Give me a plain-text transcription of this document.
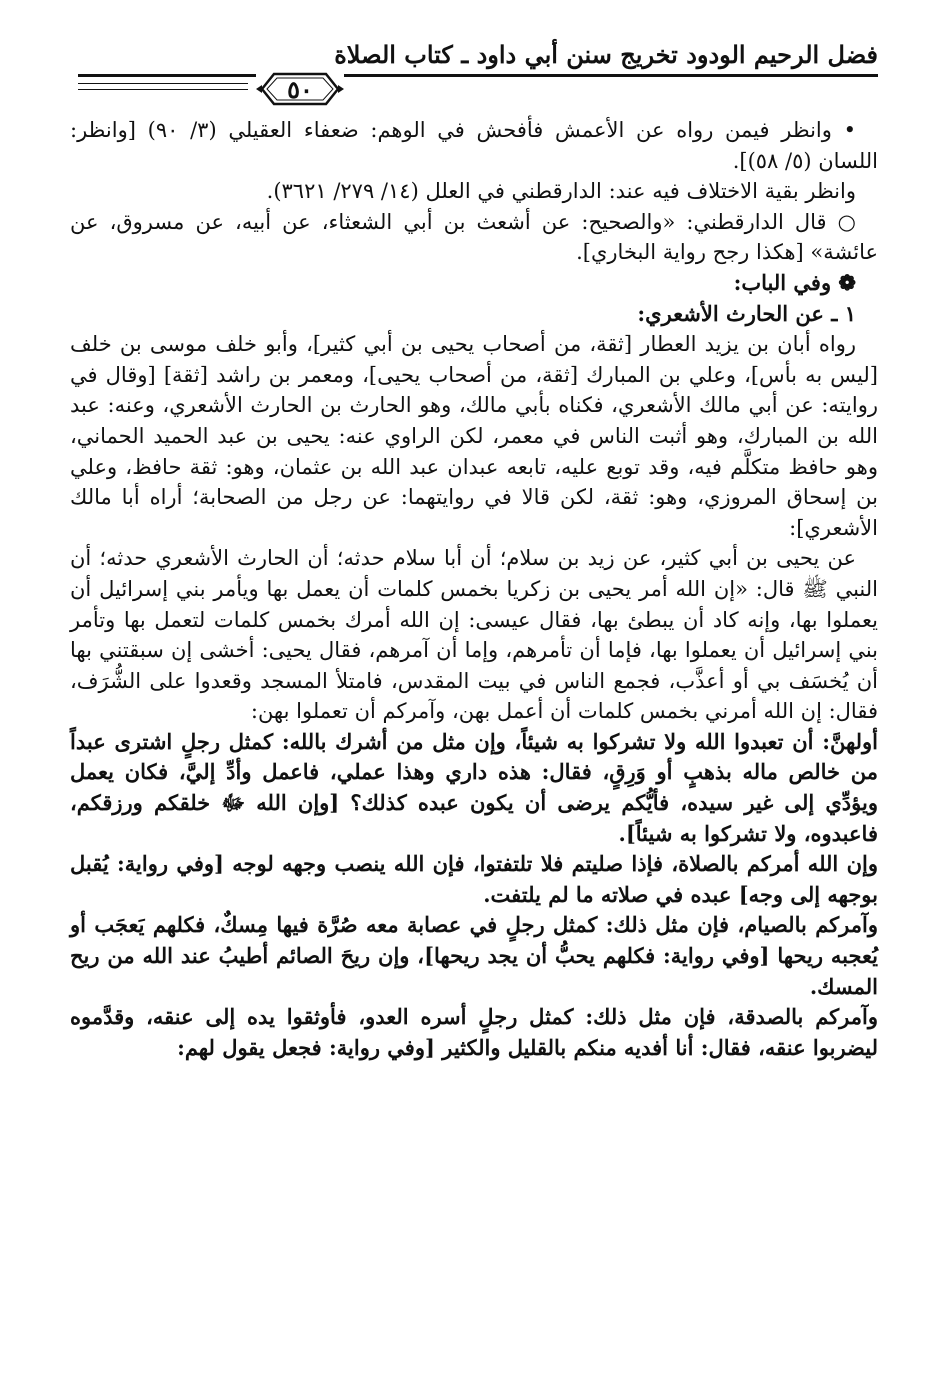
فضل الرحيم الودود تخريج سنن أبي داود ـ كتاب الصلاة
٥٠

• وانظر فيمن رواه عن الأعمش فأفحش في الوهم: ضعفاء العقيلي (٣/ ٩٠) [وانظر: اللسان (٥/ ٥٨)].

وانظر بقية الاختلاف فيه عند: الدارقطني في العلل (١٤/ ٢٧٩/ ٣٦٢١).

○ قال الدارقطني: «والصحيح: عن أشعث بن أبي الشعثاء، عن أبيه، عن مسروق، عن عائشة» [هكذا رجح رواية البخاري].

❁ وفي الباب:

١ ـ عن الحارث الأشعري:

رواه أبان بن يزيد العطار [ثقة، من أصحاب يحيى بن أبي كثير]، وأبو خلف موسى بن خلف [ليس به بأس]، وعلي بن المبارك [ثقة، من أصحاب يحيى]، ومعمر بن راشد [ثقة] [وقال في روايته: عن أبي مالك الأشعري، فكناه بأبي مالك، وهو الحارث بن الحارث الأشعري، وعنه: عبد الله بن المبارك، وهو أثبت الناس في معمر، لكن الراوي عنه: يحيى بن عبد الحميد الحماني، وهو حافظ متكلَّم فيه، وقد توبع عليه، تابعه عبدان عبد الله بن عثمان، وهو: ثقة حافظ، وعلي بن إسحاق المروزي، وهو: ثقة، لكن قالا في روايتهما: عن رجل من الصحابة؛ أراه أبا مالك الأشعري]:

عن يحيى بن أبي كثير، عن زيد بن سلام؛ أن أبا سلام حدثه؛ أن الحارث الأشعري حدثه؛ أن النبي ﷺ قال: «إن الله أمر يحيى بن زكريا بخمس كلمات أن يعمل بها ويأمر بني إسرائيل أن يعملوا بها، وإنه كاد أن يبطئ بها، فقال عيسى: إن الله أمرك بخمس كلمات لتعمل بها وتأمر بني إسرائيل أن يعملوا بها، فإما أن تأمرهم، وإما أن آمرهم، فقال يحيى: أخشى إن سبقتني بها أن يُخسَف بي أو أعذَّب، فجمع الناس في بيت المقدس، فامتلأ المسجد وقعدوا على الشُّرَف، فقال: إن الله أمرني بخمس كلمات أن أعمل بهن، وآمركم أن تعملوا بهن:

أولهنَّ: أن تعبدوا الله ولا تشركوا به شيئاً، وإن مثل من أشرك بالله: كمثل رجلٍ اشترى عبداً من خالص ماله بذهبٍ أو وَرِقٍ، فقال: هذه داري وهذا عملي، فاعمل وأدِّ إليَّ، فكان يعمل ويؤدِّي إلى غير سيده، فأيُّكم يرضى أن يكون عبده كذلك؟ [وإن الله ﷻ خلقكم ورزقكم، فاعبدوه، ولا تشركوا به شيئاً].

وإن الله أمركم بالصلاة، فإذا صليتم فلا تلتفتوا، فإن الله ينصب وجهه لوجه [وفي رواية: يُقبل بوجهه إلى وجه] عبده في صلاته ما لم يلتفت.

وآمركم بالصيام، فإن مثل ذلك: كمثل رجلٍ في عصابة معه صُرَّة فيها مِسكٌ، فكلهم يَعجَب أو يُعجبه ريحها [وفي رواية: فكلهم يحبُّ أن يجد ريحها]، وإن ريحَ الصائم أطيبُ عند الله من ريح المسك.

وآمركم بالصدقة، فإن مثل ذلك: كمثل رجلٍ أسره العدو، فأوثقوا يده إلى عنقه، وقدَّموه ليضربوا عنقه، فقال: أنا أفديه منكم بالقليل والكثير [وفي رواية: فجعل يقول لهم:
